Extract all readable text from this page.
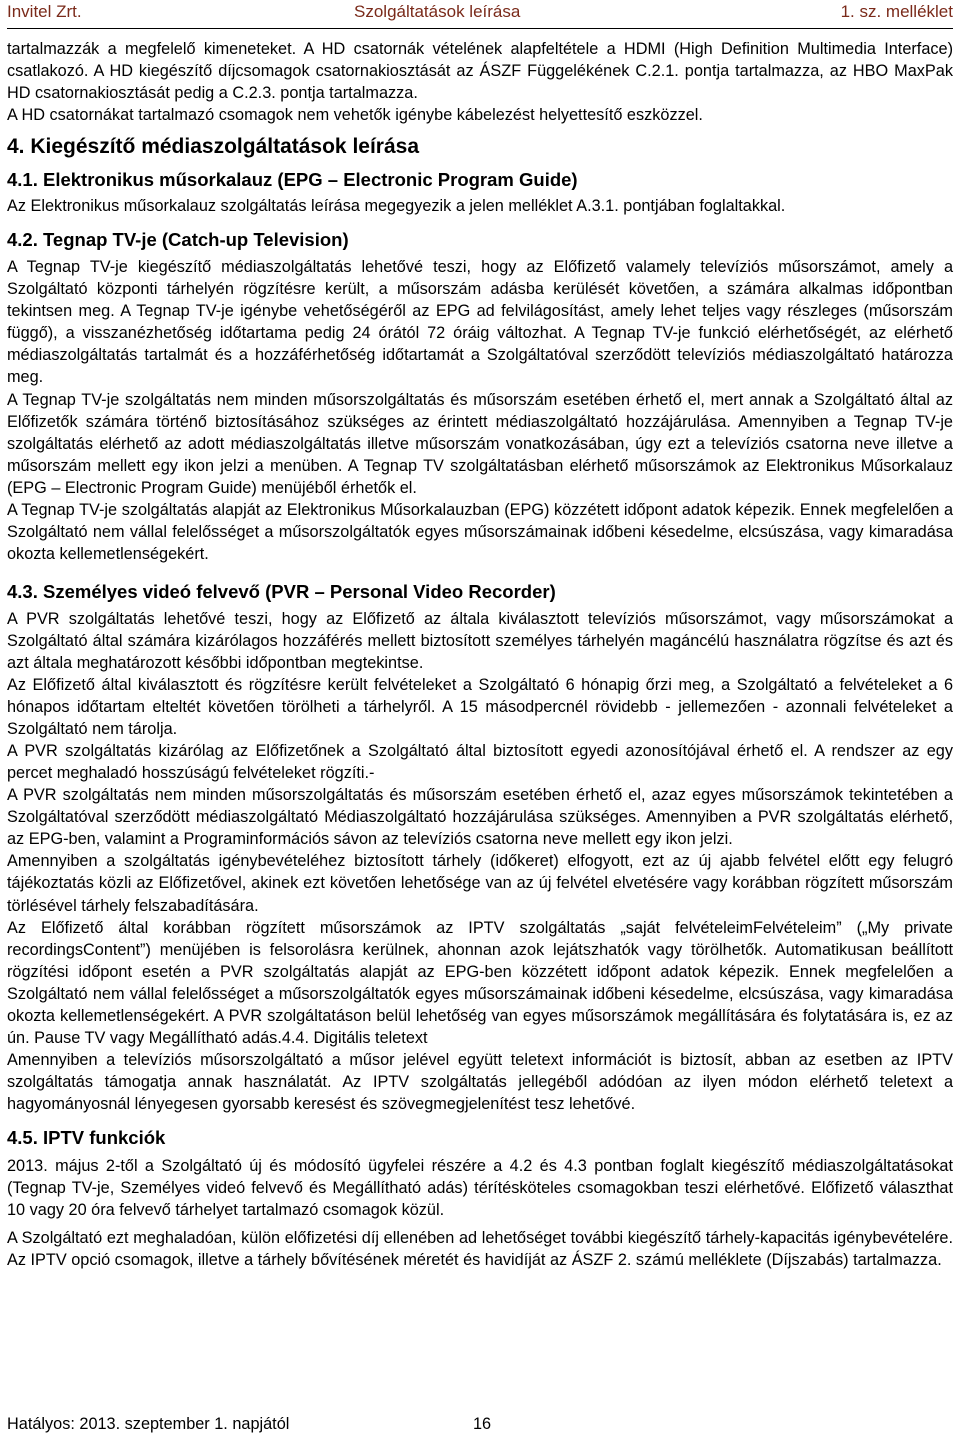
Invitel Zrt.	Szolgáltatások leírása	1. sz. melléklet

tartalmazzák a megfelelő kimeneteket. A HD csatornák vételének alapfeltétele a HDMI (High Definition Multimedia Interface) csatlakozó. A HD kiegészítő díjcsomagok csatornakiosztását az ÁSZF Függelékének C.2.1. pontja tartalmazza, az HBO MaxPak HD csatornakiosztását pedig a C.2.3. pontja tartalmazza.

A HD csatornákat tartalmazó csomagok nem vehetők igénybe kábelezést helyettesítő eszközzel.

4. Kiegészítő médiaszolgáltatások leírása
4.1. Elektronikus műsorkalauz (EPG – Electronic Program Guide)

Az Elektronikus műsorkalauz szolgáltatás leírása megegyezik a jelen melléklet A.3.1. pontjában foglaltakkal.

4.2. Tegnap TV-je (Catch-up Television)

A Tegnap TV-je kiegészítő médiaszolgáltatás lehetővé teszi, hogy az Előfizető valamely televíziós műsorszámot, amely a Szolgáltató központi tárhelyén rögzítésre került, a műsorszám adásba kerülését követően, a számára alkalmas időpontban tekintsen meg. A Tegnap TV-je igénybe vehetőségéről az EPG ad felvilágosítást, amely lehet teljes vagy részleges (műsorszám függő), a visszanézhetőség időtartama pedig 24 órától 72 óráig változhat. A Tegnap TV-je funkció elérhetőségét, az elérhető médiaszolgáltatás tartalmát és a hozzáférhetőség időtartamát a Szolgáltatóval szerződött televíziós médiaszolgáltató határozza meg.

A Tegnap TV-je szolgáltatás nem minden műsorszolgáltatás és műsorszám esetében érhető el, mert annak a Szolgáltató által az Előfizetők számára történő biztosításához szükséges az érintett médiaszolgáltató hozzájárulása. Amennyiben a Tegnap TV-je szolgáltatás elérhető az adott médiaszolgáltatás illetve műsorszám vonatkozásában, úgy ezt a televíziós csatorna neve illetve a műsorszám mellett egy ikon jelzi a menüben. A Tegnap TV szolgáltatásban elérhető műsorszámok az Elektronikus Műsorkalauz (EPG – Electronic Program Guide) menüjéből érhetők el.

A Tegnap TV-je szolgáltatás alapját az Elektronikus Műsorkalauzban (EPG) közzétett időpont adatok képezik. Ennek megfelelően a Szolgáltató nem vállal felelősséget a műsorszolgáltatók egyes műsorszámainak időbeni késedelme, elcsúszása, vagy kimaradása okozta kellemetlenségekért.

4.3. Személyes videó felvevő (PVR – Personal Video Recorder)

A PVR szolgáltatás lehetővé teszi, hogy az Előfizető az általa kiválasztott televíziós műsorszámot, vagy műsorszámokat a Szolgáltató által számára kizárólagos hozzáférés mellett biztosított személyes tárhelyén magáncélú használatra rögzítse és azt és azt általa meghatározott későbbi időpontban megtekintse.

Az Előfizető által kiválasztott és rögzítésre került felvételeket a Szolgáltató 6 hónapig őrzi meg, a Szolgáltató a felvételeket a 6 hónapos időtartam elteltét követően törölheti a tárhelyről. A 15 másodpercnél rövidebb - jellemezően - azonnali felvételeket a Szolgáltató nem tárolja.

A PVR szolgáltatás kizárólag az Előfizetőnek a Szolgáltató által biztosított egyedi azonosítójával érhető el. A rendszer az egy percet meghaladó hosszúságú felvételeket rögzíti.-

A PVR szolgáltatás nem minden műsorszolgáltatás és műsorszám esetében érhető el, azaz egyes műsorszámok tekintetében a Szolgáltatóval szerződött médiaszolgáltató Médiaszolgáltató hozzájárulása szükséges. Amennyiben a PVR szolgáltatás elérhető, az EPG-ben, valamint a Programinformációs sávon az televíziós csatorna neve mellett egy ikon jelzi.

Amennyiben a szolgáltatás igénybevételéhez biztosított tárhely (időkeret) elfogyott, ezt az új ajabb felvétel előtt egy felugró tájékoztatás közli az Előfizetővel, akinek ezt követően lehetősége van az új felvétel elvetésére vagy korábban rögzített műsorszám törlésével tárhely felszabadítására.

Az Előfizető által korábban rögzített műsorszámok az IPTV szolgáltatás „saját felvételeimFelvételeim” („My private recordingsContent”) menüjében is felsorolásra kerülnek, ahonnan azok lejátszhatók vagy törölhetők. Automatikusan beállított rögzítési időpont esetén a PVR szolgáltatás alapját az EPG-ben közzétett időpont adatok képezik. Ennek megfelelően a Szolgáltató nem vállal felelősséget a műsorszolgáltatók egyes műsorszámainak időbeni késedelme, elcsúszása, vagy kimaradása okozta kellemetlenségekért. A PVR szolgáltatáson belül lehetőség van egyes műsorszámok megállítására és folytatására is, ez az ún. Pause TV vagy Megállítható adás.4.4. Digitális teletext

Amennyiben a televíziós műsorszolgáltató a műsor jelével együtt teletext információt is biztosít, abban az esetben az IPTV szolgáltatás támogatja annak használatát. Az IPTV szolgáltatás jellegéből adódóan az ilyen módon elérhető teletext a hagyományosnál lényegesen gyorsabb keresést és szövegmegjelenítést tesz lehetővé.

4.5. IPTV funkciók

2013. május 2-től a Szolgáltató új és módosító ügyfelei részére a 4.2 és 4.3 pontban foglalt kiegészítő médiaszolgáltatásokat (Tegnap TV-je, Személyes videó felvevő és Megállítható adás) térítésköteles csomagokban teszi elérhetővé. Előfizető választhat 10 vagy 20 óra felvevő tárhelyet tartalmazó csomagok közül.

A Szolgáltató ezt meghaladóan, külön előfizetési díj ellenében ad lehetőséget további kiegészítő tárhely-kapacitás igénybevételére. Az IPTV opció csomagok, illetve a tárhely bővítésének méretét és havidíját az ÁSZF 2. számú melléklete (Díjszabás) tartalmazza.

Hatályos: 2013. szeptember 1. napjától	16
